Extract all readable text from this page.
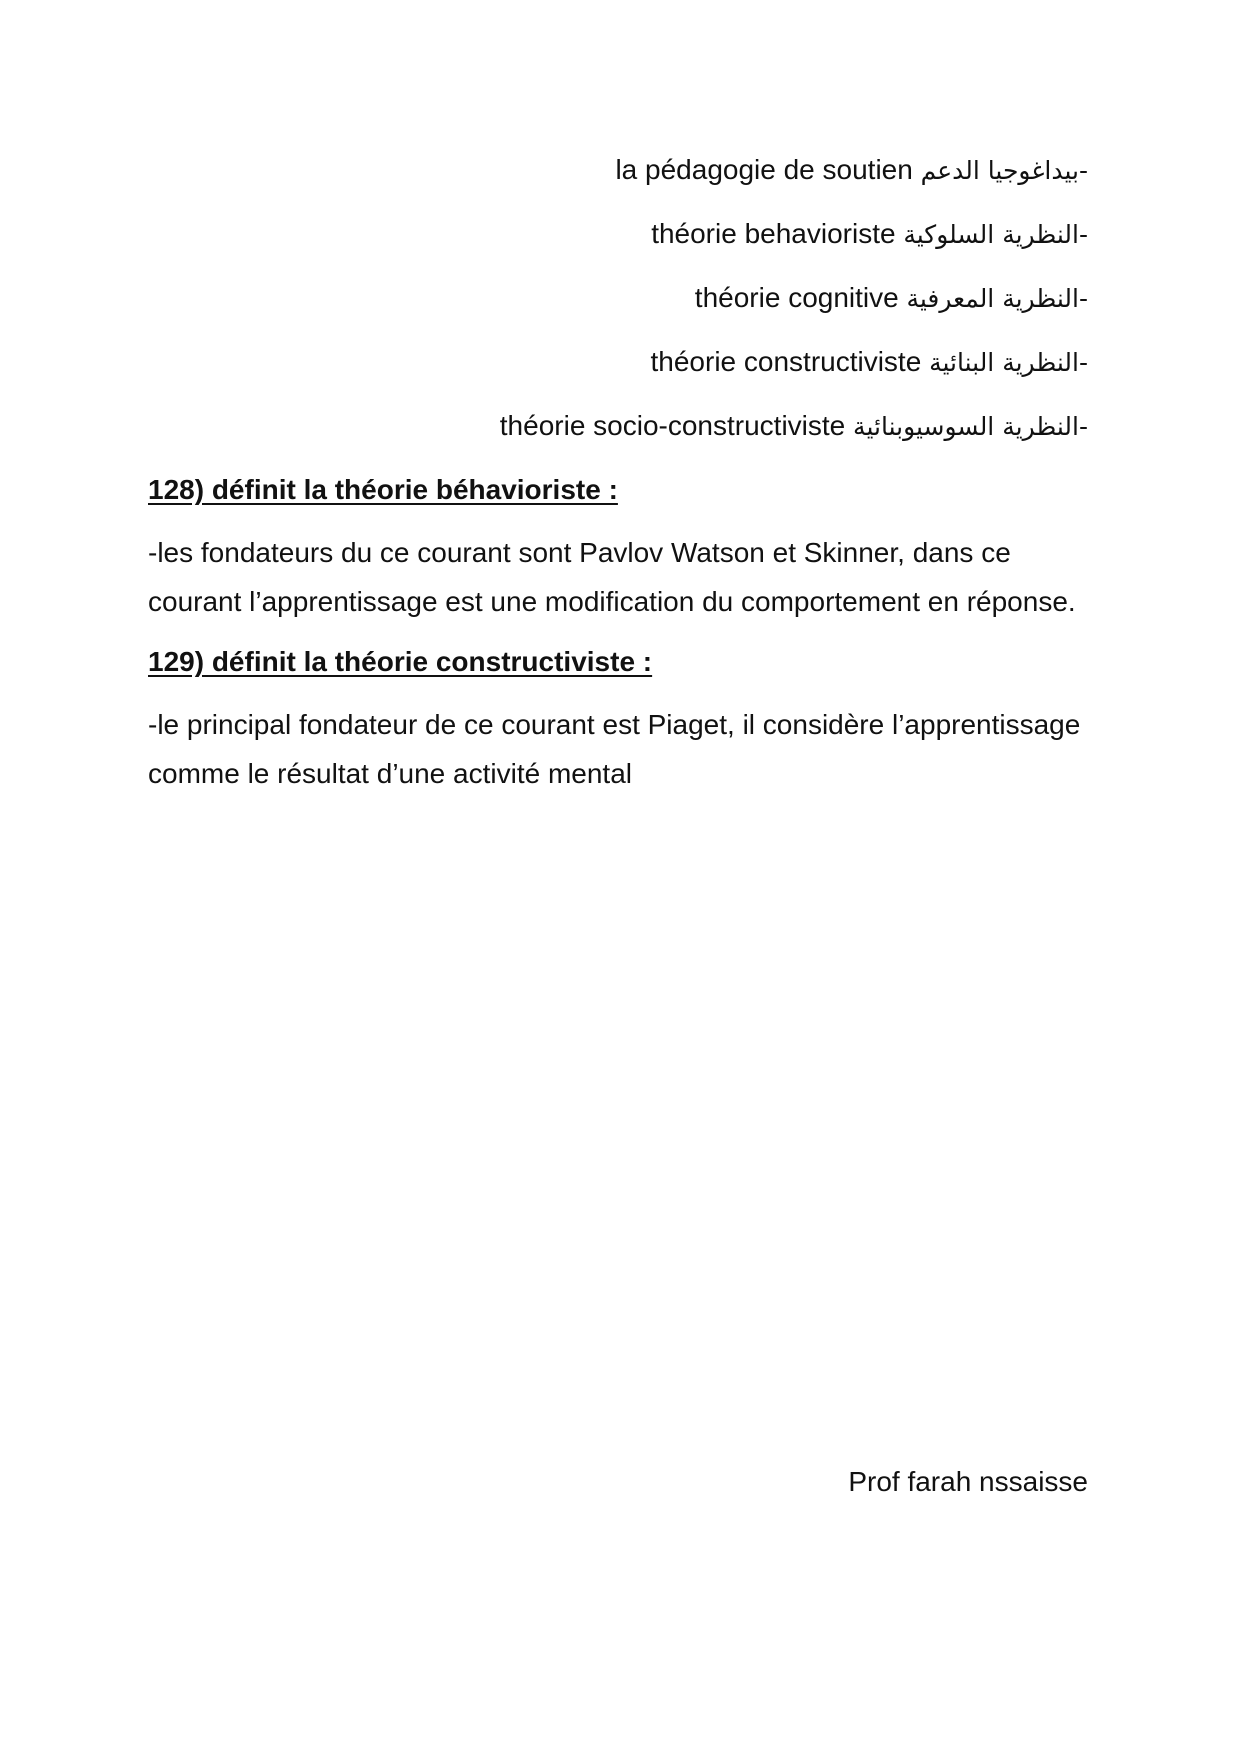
la pédagogie de soutien -بيداغوجيا الدعم
théorie behavioriste -النظرية السلوكية
théorie cognitive -النظرية المعرفية
théorie constructiviste -النظرية البنائية
théorie socio-constructiviste -النظرية السوسيوبنائية
128) définit la théorie béhavioriste :

-les fondateurs du ce courant sont Pavlov Watson et Skinner, dans ce courant l’apprentissage est une modification du comportement en réponse.

129) définit la théorie constructiviste :

-le principal fondateur de ce courant est Piaget, il considère l’apprentissage comme le résultat d’une activité mental

Prof farah nssaisse
